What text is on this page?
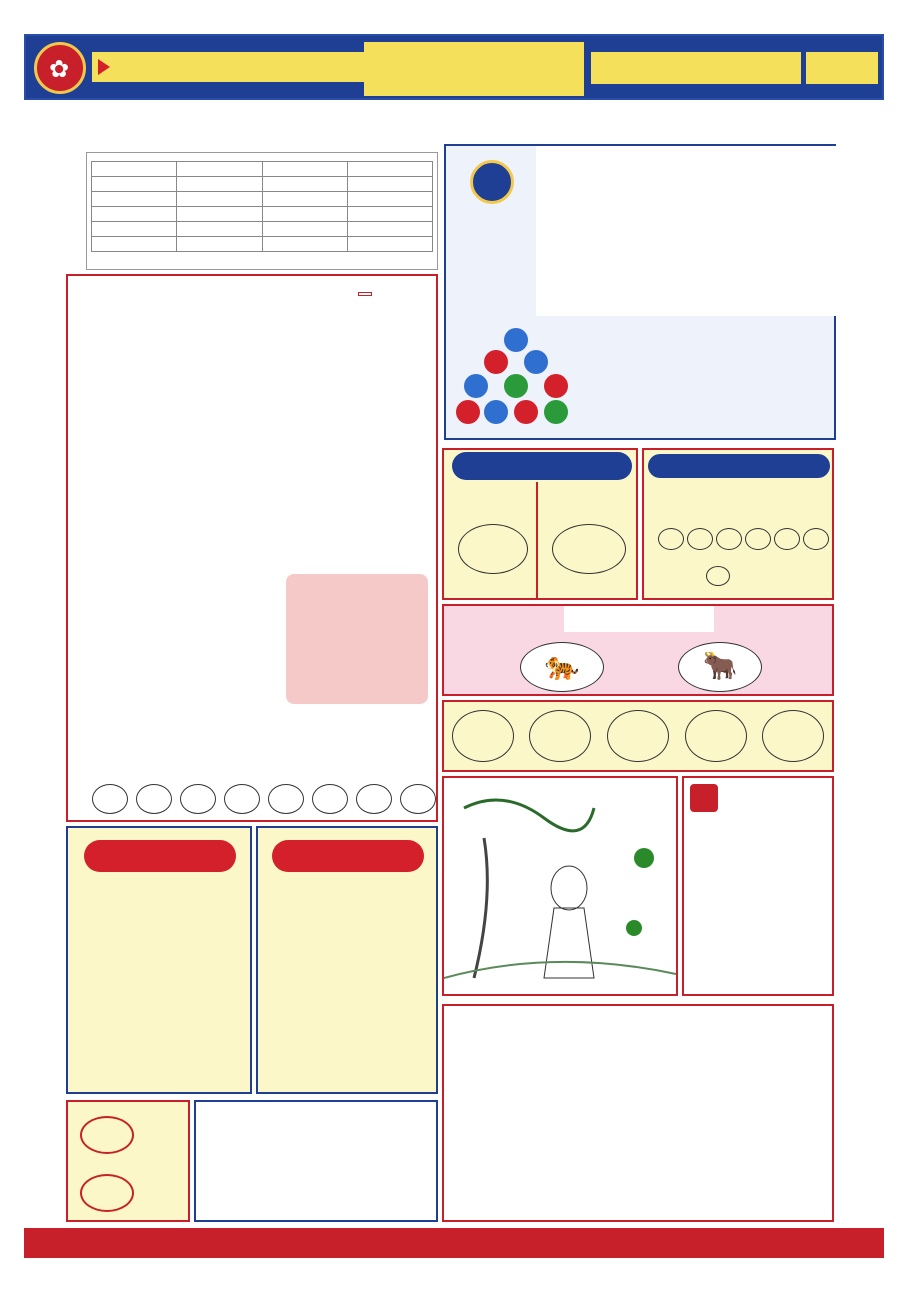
✿

🐅	🐂
